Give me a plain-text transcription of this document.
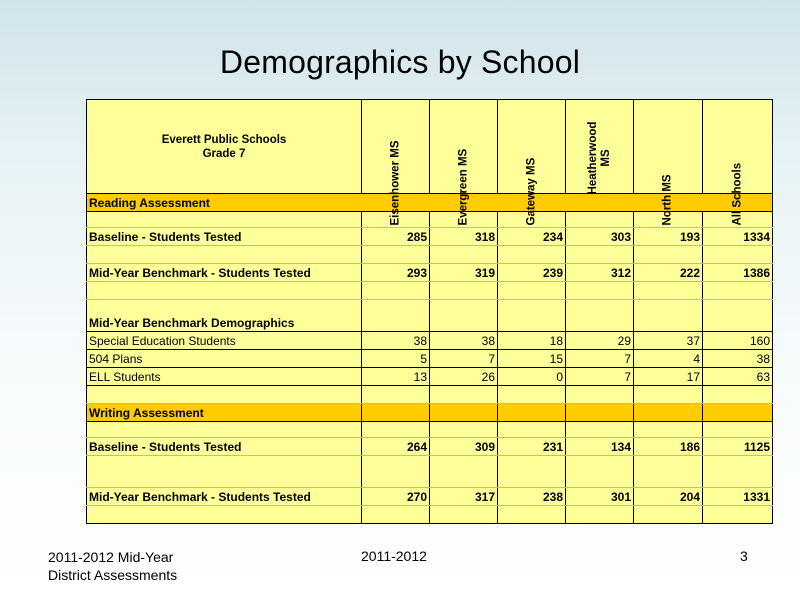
Demographics by School
Everett Public Schools
Grade 7	Eisenhower MS	Evergreen MS	Gateway MS	Heatherwood MS	North MS	All Schools

Reading Assessment						

Baseline - Students Tested	285	318	234	303	193	1334

Mid-Year Benchmark - Students Tested	293	319	239	312	222	1386

Mid-Year Benchmark Demographics						
Special Education Students	38	38	18	29	37	160
504 Plans	5	7	15	7	4	38
ELL Students	13	26	0	7	17	63

Writing Assessment						

Baseline - Students Tested	264	309	231	134	186	1125

Mid-Year Benchmark - Students Tested	270	317	238	301	204	1331

2011-2012 Mid-Year
District Assessments
2011-2012	3
